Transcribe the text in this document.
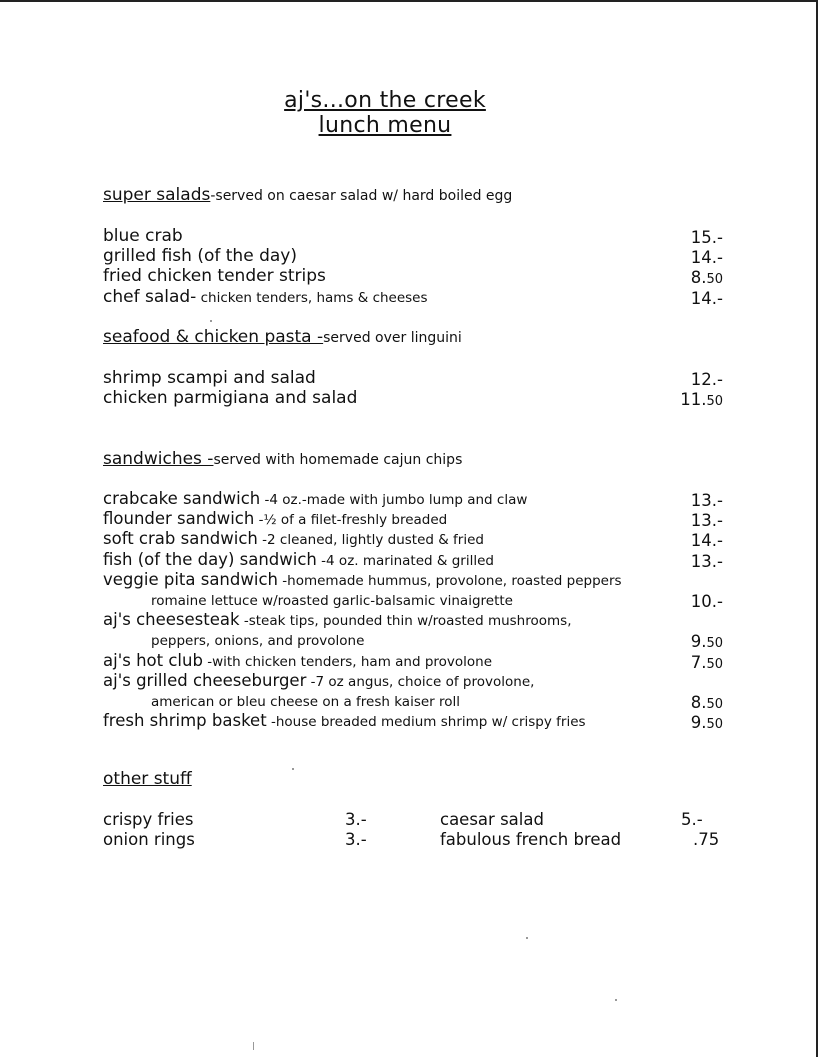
aj's...on the creek
lunch menu
super salads-served on caesar salad w/ hard boiled egg
blue crab	15.-
grilled fish (of the day)	14.-
fried chicken tender strips	8.50
chef salad- chicken tenders, hams & cheeses	14.-
seafood & chicken pasta -served over linguini
shrimp scampi and salad	12.-
chicken parmigiana and salad	11.50
sandwiches -served with homemade cajun chips
crabcake sandwich -4 oz.-made with jumbo lump and claw	13.-
flounder sandwich -½ of a filet-freshly breaded	13.-
soft crab sandwich -2 cleaned, lightly dusted & fried	14.-
fish (of the day) sandwich -4 oz. marinated & grilled	13.-
veggie pita sandwich -homemade hummus, provolone, roasted peppers
romaine lettuce w/roasted garlic-balsamic vinaigrette	10.-
aj's cheesesteak -steak tips, pounded thin w/roasted mushrooms,
peppers, onions, and provolone	9.50
aj's hot club -with chicken tenders, ham and provolone	7.50
aj's grilled cheeseburger -7 oz angus, choice of provolone,
american or bleu cheese on a fresh kaiser roll	8.50
fresh shrimp basket -house breaded medium shrimp w/ crispy fries	9.50
other stuff
crispy fries	3.-	caesar salad	5.-
onion rings	3.-	fabulous french bread	.75
